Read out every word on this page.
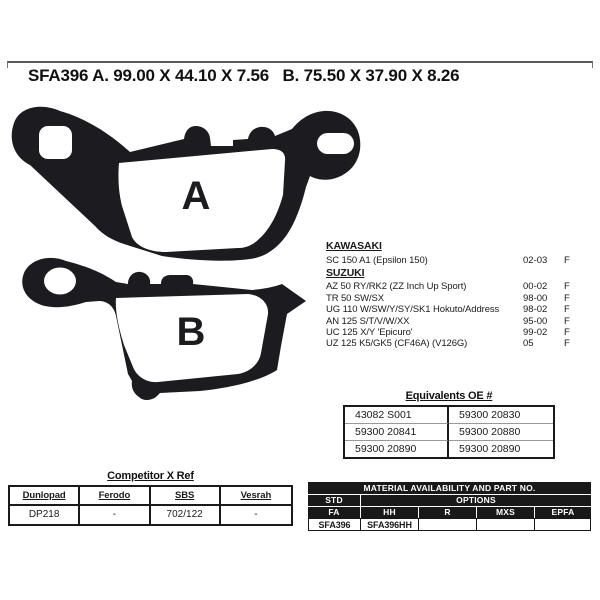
SFA396 A. 99.00 X 44.10 X 7.56   B. 75.50 X 37.90 X 8.26
A
B
KAWASAKI
SC 150 A1 (Epsilon 150)	02-03	F
SUZUKI
AZ 50 RY/RK2 (ZZ Inch Up Sport)	00-02	F
TR 50 SW/SX	98-00	F
UG 110 W/SW/Y/SY/SK1 Hokuto/Address	98-02	F
AN 125 S/T/V/W/XX	95-00	F
UC 125 X/Y 'Epicuro'	99-02	F
UZ 125 K5/GK5 (CF46A) (V126G)	05	F
Equivalents OE #
43082 S001	59300 20830
59300 20841	59300 20880
59300 20890	59300 20890
Competitor X Ref
Dunlopad	Ferodo	SBS	Vesrah
DP218	-	702/122	-
MATERIAL AVAILABILITY AND PART NO.
STD	OPTIONS
FA	HH	R	MXS	EPFA
SFA396	SFA396HH
